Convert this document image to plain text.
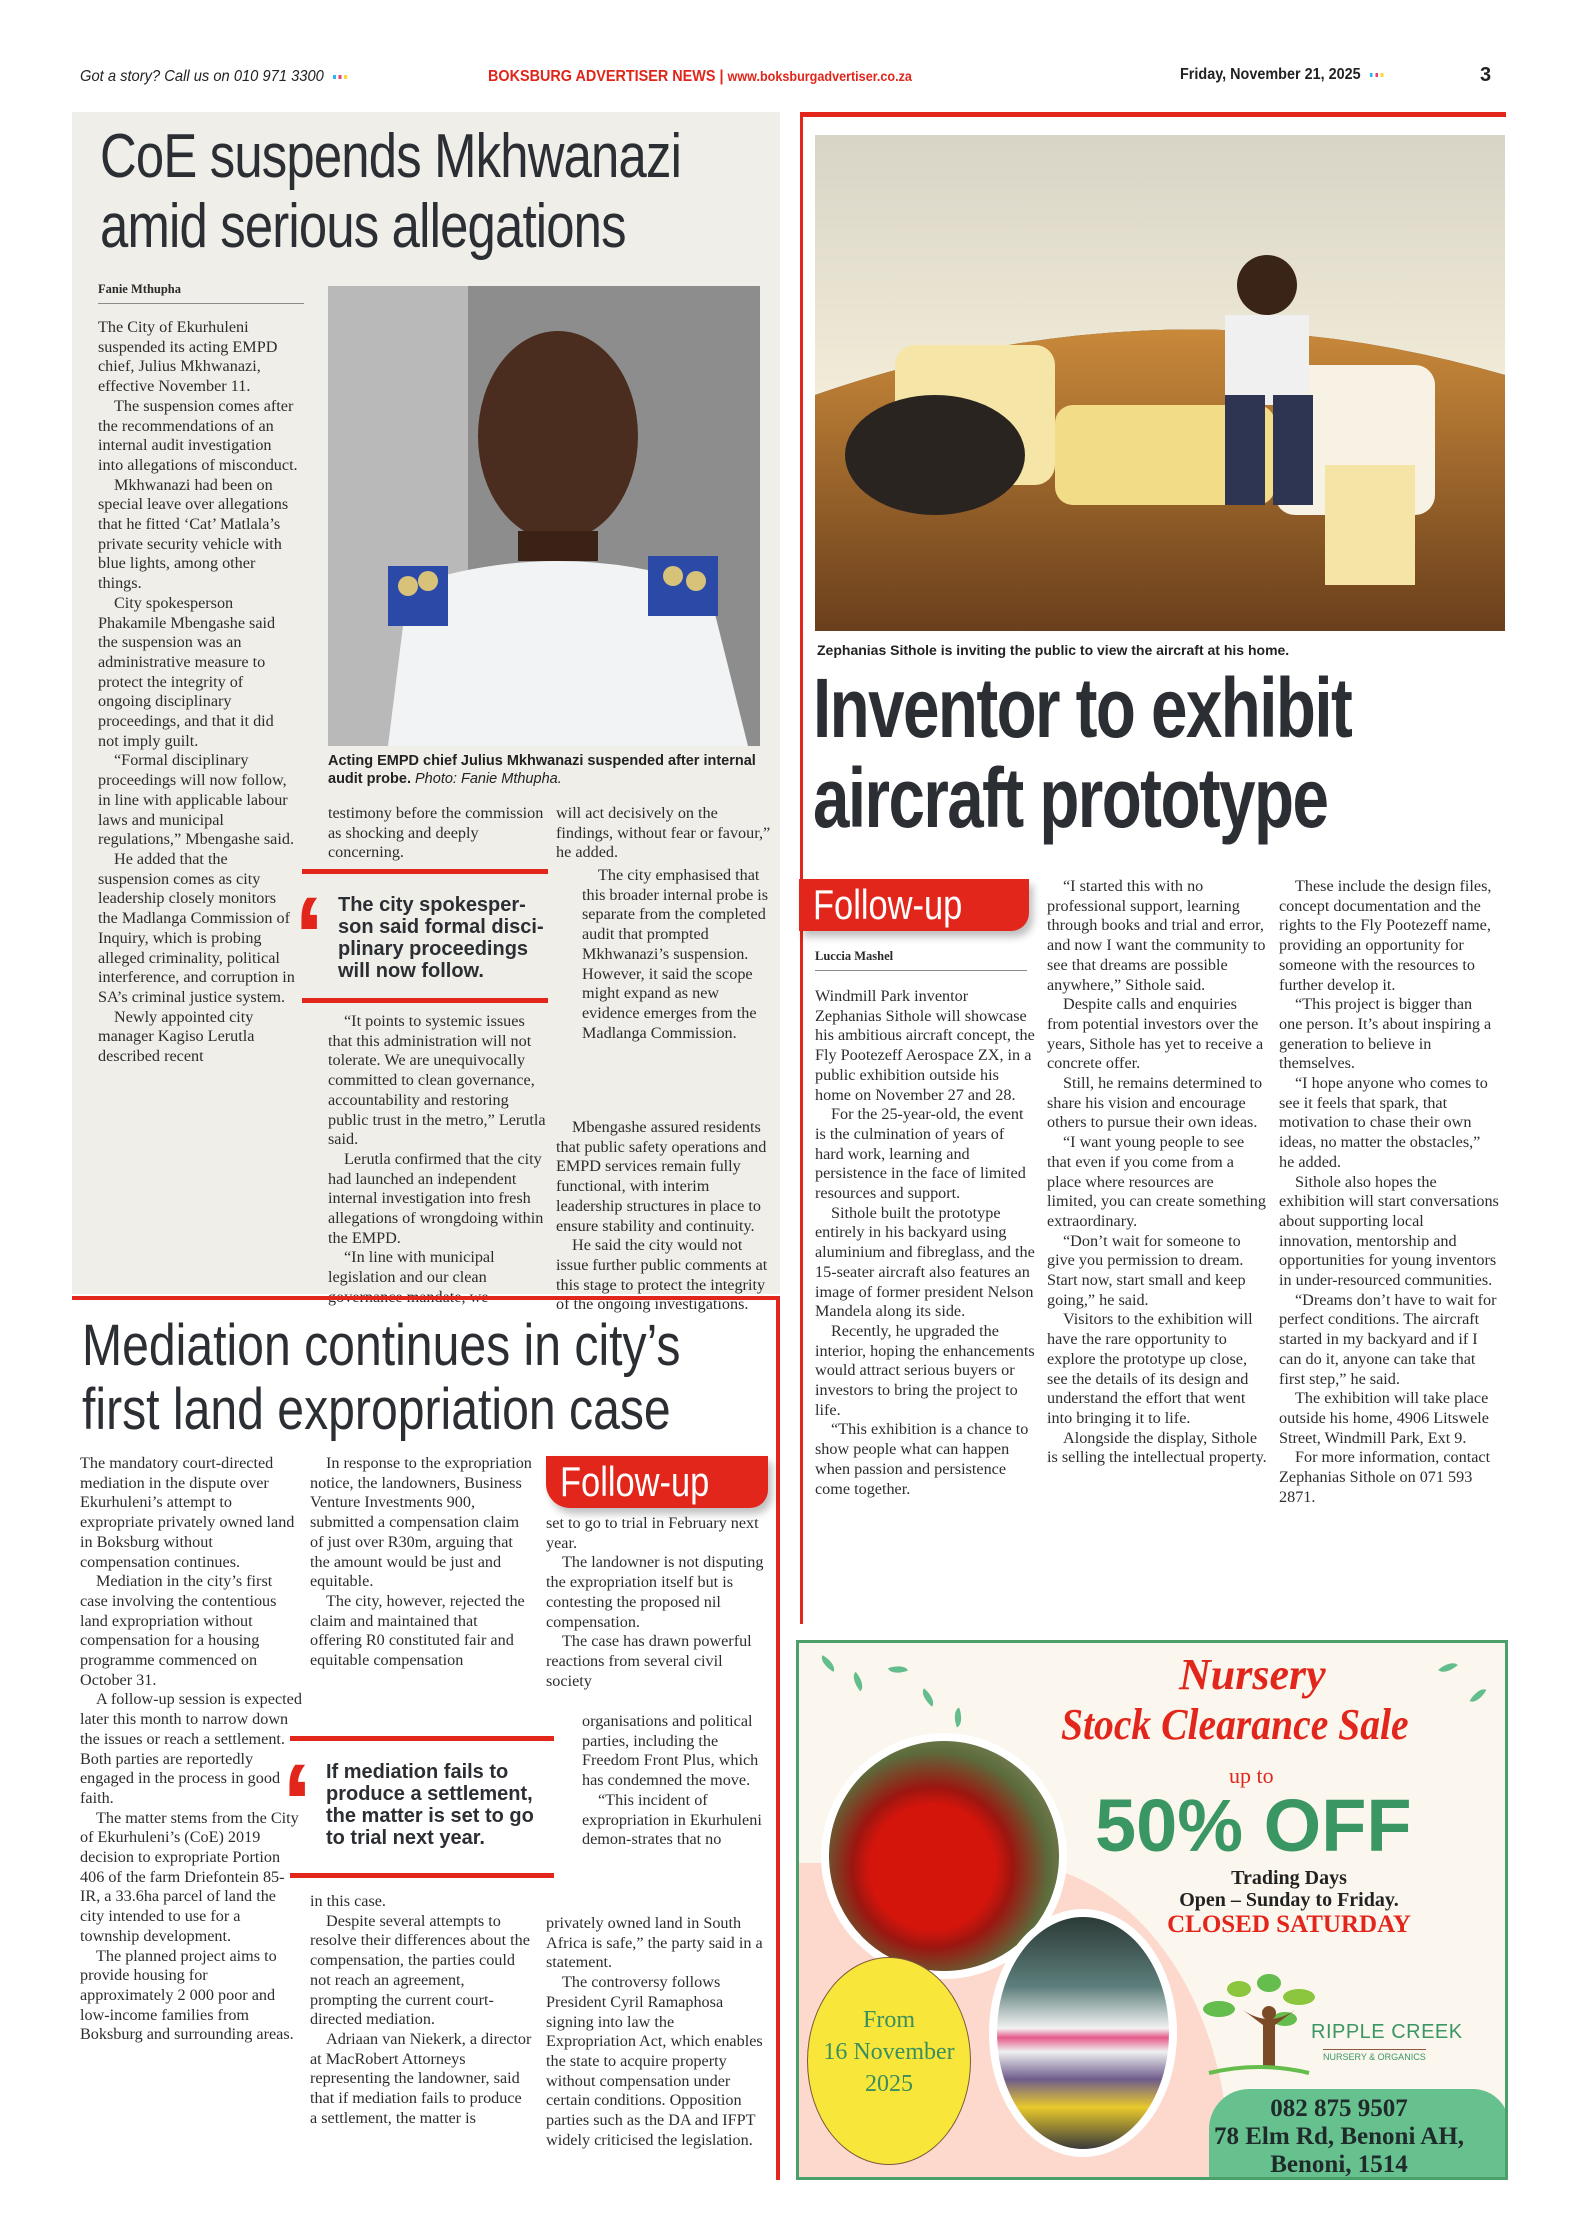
Got a story? Call us on 010 971 3300	BOKSBURG ADVERTISER NEWS | www.boksburgadvertiser.co.za	Friday, November 21, 2025	3
CoE suspends Mkhwanazi
amid serious allegations
Fanie Mthupha

The City of Ekurhuleni suspended its acting EMPD chief, Julius Mkhwanazi, effective November 11.

The suspension comes after the recommendations of an internal audit investigation into allegations of misconduct.

Mkhwanazi had been on special leave over allegations that he fitted ‘Cat’ Matlala’s private security vehicle with blue lights, among other things.

City spokesperson Phakamile Mbengashe said the suspension was an administrative measure to protect the integrity of ongoing disciplinary proceedings, and that it did not imply guilt.

“Formal disciplinary proceedings will now follow, in line with applicable labour laws and municipal regulations,” Mbengashe said.

He added that the suspension comes as city leadership closely monitors the Madlanga Commission of Inquiry, which is probing alleged criminality, political interference, and corruption in SA’s criminal justice system.

Newly appointed city manager Kagiso Lerutla described recent

Acting EMPD chief Julius Mkhwanazi suspended after internal audit probe. Photo: Fanie Mthupha.

testimony before the commission as shocking and deeply concerning.

‘ The city spokesper-son said formal disci-plinary proceedings will now follow.

“It points to systemic issues that this administration will not tolerate. We are unequivocally committed to clean governance, accountability and restoring public trust in the metro,” Lerutla said.

Lerutla confirmed that the city had launched an independent internal investigation into fresh allegations of wrongdoing within the EMPD.

“In line with municipal legislation and our clean governance mandate, we

will act decisively on the findings, without fear or favour,” he added.

The city emphasised that this broader internal probe is separate from the completed audit that prompted Mkhwanazi’s suspension. However, it said the scope might expand as new evidence emerges from the Madlanga Commission.

Mbengashe assured residents that public safety operations and EMPD services remain fully functional, with interim leadership structures in place to ensure stability and continuity.

He said the city would not issue further public comments at this stage to protect the integrity of the ongoing investigations.

Mediation continues in city’s
first land expropriation case

The mandatory court-directed mediation in the dispute over Ekurhuleni’s attempt to expropriate privately owned land in Boksburg without compensation continues.

Mediation in the city’s first case involving the contentious land expropriation without compensation for a housing programme commenced on October 31.

A follow-up session is expected later this month to narrow down the issues or reach a settlement. Both parties are reportedly engaged in the process in good faith.

The matter stems from the City of Ekurhuleni’s (CoE) 2019 decision to expropriate Portion 406 of the farm Driefontein 85-IR, a 33.6ha parcel of land the city intended to use for a township development.

The planned project aims to provide housing for approximately 2 000 poor and low-income families from Boksburg and surrounding areas.

In response to the expropriation notice, the landowners, Business Venture Investments 900, submitted a compensation claim of just over R30m, arguing that the amount would be just and equitable.

The city, however, rejected the claim and maintained that offering R0 constituted fair and equitable compensation

‘ If mediation fails to produce a settlement, the matter is set to go to trial next year.

in this case.

Despite several attempts to resolve their differences about the compensation, the parties could not reach an agreement, prompting the current court-directed mediation.

Adriaan van Niekerk, a director at MacRobert Attorneys representing the landowner, said that if mediation fails to produce a settlement, the matter is

Follow-up

set to go to trial in February next year.

The landowner is not disputing the expropriation itself but is contesting the proposed nil compensation.

The case has drawn powerful reactions from several civil society

organisations and political parties, including the Freedom Front Plus, which has condemned the move.

“This incident of expropriation in Ekurhuleni demon-strates that no

privately owned land in South Africa is safe,” the party said in a statement.

The controversy follows President Cyril Ramaphosa signing into law the Expropriation Act, which enables the state to acquire property without compensation under certain conditions. Opposition parties such as the DA and IFPT widely criticised the legislation.

Zephanias Sithole is inviting the public to view the aircraft at his home.
Inventor to exhibit
aircraft prototype
Follow-up
Luccia Mashel

Windmill Park inventor Zephanias Sithole will showcase his ambitious aircraft concept, the Fly Pootezeff Aerospace ZX, in a public exhibition outside his home on November 27 and 28.

For the 25-year-old, the event is the culmination of years of hard work, learning and persistence in the face of limited resources and support.

Sithole built the prototype entirely in his backyard using aluminium and fibreglass, and the 15-seater aircraft also features an image of former president Nelson Mandela along its side.

Recently, he upgraded the interior, hoping the enhancements would attract serious buyers or investors to bring the project to life.

“This exhibition is a chance to show people what can happen when passion and persistence come together.

“I started this with no professional support, learning through books and trial and error, and now I want the community to see that dreams are possible anywhere,” Sithole said.

Despite calls and enquiries from potential investors over the years, Sithole has yet to receive a concrete offer.

Still, he remains determined to share his vision and encourage others to pursue their own ideas.

“I want young people to see that even if you come from a place where resources are limited, you can create something extraordinary.

“Don’t wait for someone to give you permission to dream. Start now, start small and keep going,” he said.

Visitors to the exhibition will have the rare opportunity to explore the prototype up close, see the details of its design and understand the effort that went into bringing it to life.

Alongside the display, Sithole is selling the intellectual property.

These include the design files, concept documentation and the rights to the Fly Pootezeff name, providing an opportunity for someone with the resources to further develop it.

“This project is bigger than one person. It’s about inspiring a generation to believe in themselves.

“I hope anyone who comes to see it feels that spark, that motivation to chase their own ideas, no matter the obstacles,” he added.

Sithole also hopes the exhibition will start conversations about supporting local innovation, mentorship and opportunities for young inventors in under-resourced communities.

“Dreams don’t have to wait for perfect conditions. The aircraft started in my backyard and if I can do it, anyone can take that first step,” he said.

The exhibition will take place outside his home, 4906 Litswele Street, Windmill Park, Ext 9.

For more information, contact Zephanias Sithole on 071 593 2871.

From
16 November
2025
Nursery
Stock Clearance Sale
up to
50% OFF
Trading Days
Open – Sunday to Friday.
CLOSED SATURDAY
RIPPLE CREEK
NURSERY & ORGANICS
082 875 9507
78 Elm Rd, Benoni AH,
Benoni, 1514
